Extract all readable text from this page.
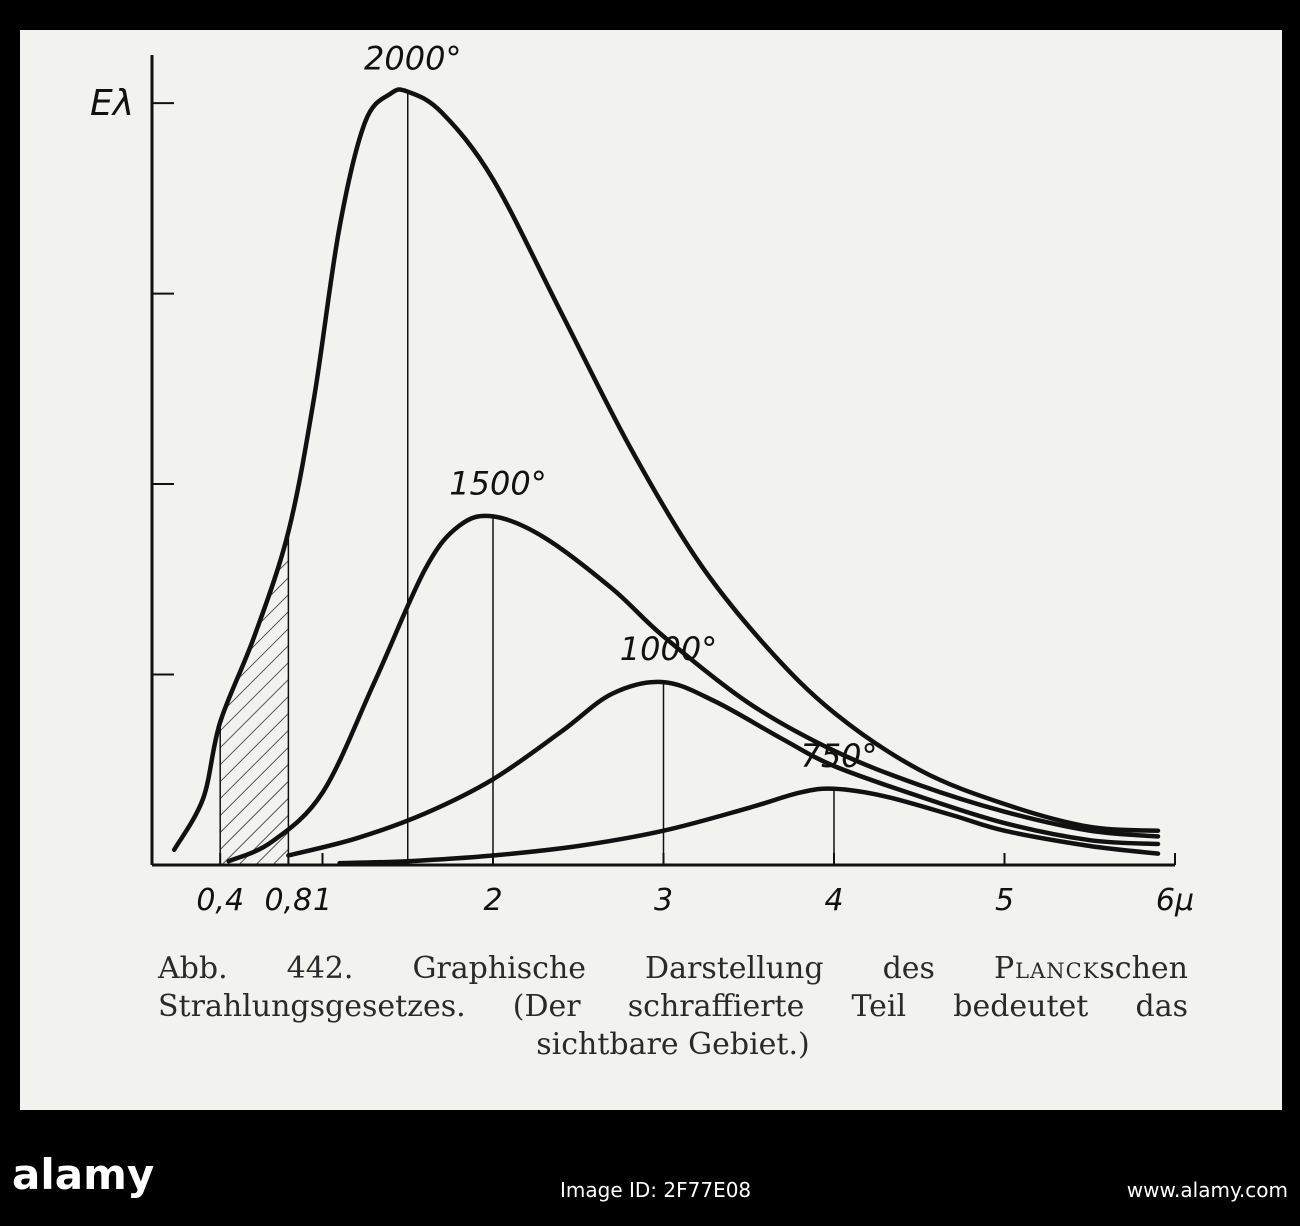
0,4 0,8 1	2	3	4	5	6μ
Eλ
2000°
1500°
1000°
750°
Abb. 442. Graphische Darstellung des Planckschen
Strahlungsgesetzes. (Der schraffierte Teil bedeutet das
sichtbare Gebiet.)
alamy	Image ID: 2F77E08	www.alamy.com
